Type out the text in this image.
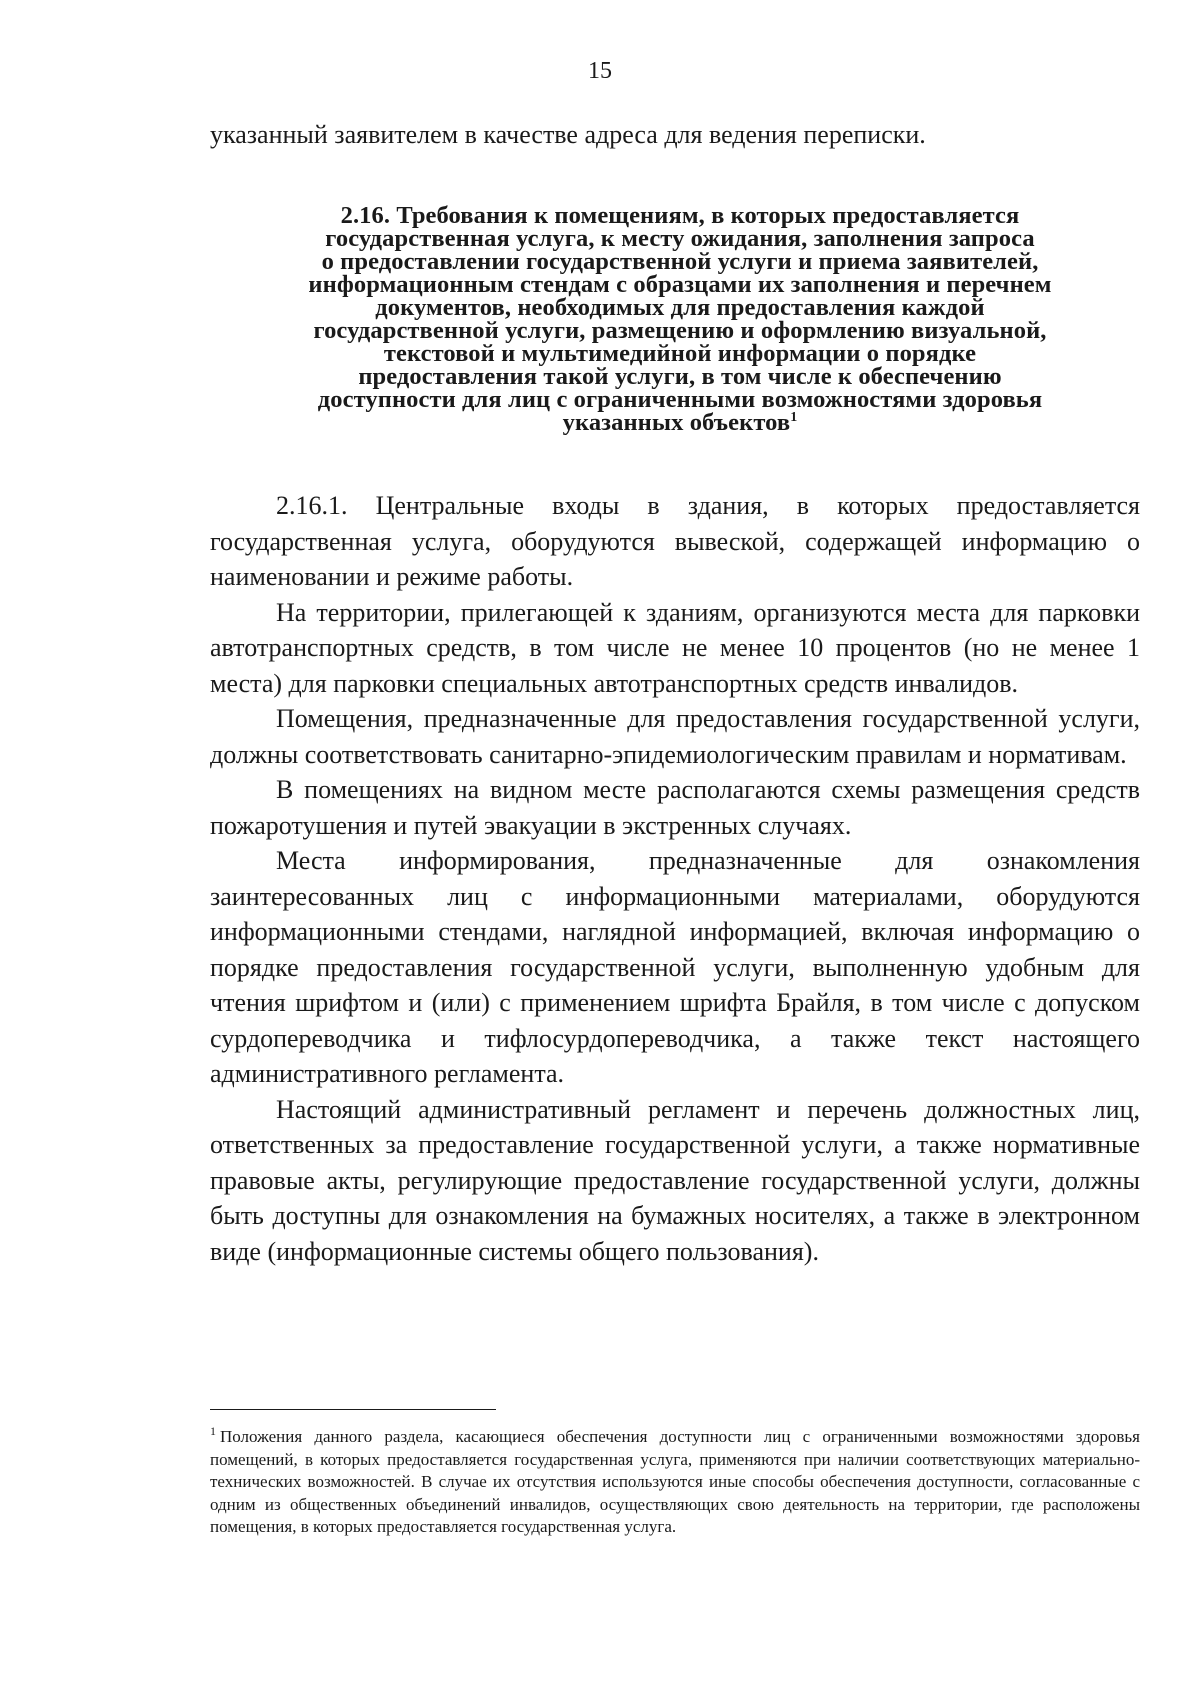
15
указанный заявителем в качестве адреса для ведения переписки.
2.16. Требования к помещениям, в которых предоставляется
государственная услуга, к месту ожидания, заполнения запроса
о предоставлении государственной услуги и приема заявителей,
информационным стендам с образцами их заполнения и перечнем
документов, необходимых для предоставления каждой
государственной услуги, размещению и оформлению визуальной,
текстовой и мультимедийной информации о порядке
предоставления такой услуги, в том числе к обеспечению
доступности для лиц с ограниченными возможностями здоровья
указанных объектов$^1$

2.16.1. Центральные входы в здания, в которых предоставляется государственная услуга, оборудуются вывеской, содержащей информацию о наименовании и режиме работы.

На территории, прилегающей к зданиям, организуются места для парковки автотранспортных средств, в том числе не менее 10 процентов (но не менее 1 места) для парковки специальных автотранспортных средств инвалидов.

Помещения, предназначенные для предоставления государственной услуги, должны соответствовать санитарно-эпидемиологическим правилам и нормативам.

В помещениях на видном месте располагаются схемы размещения средств пожаротушения и путей эвакуации в экстренных случаях.

Места информирования, предназначенные для ознакомления заинтересованных лиц с информационными материалами, оборудуются информационными стендами, наглядной информацией, включая информацию о порядке предоставления государственной услуги, выполненную удобным для чтения шрифтом и (или) с применением шрифта Брайля, в том числе с допуском сурдопереводчика и тифлосурдопереводчика, а также текст настоящего административного регламента.

Настоящий административный регламент и перечень должностных лиц, ответственных за предоставление государственной услуги, а также нормативные правовые акты, регулирующие предоставление государственной услуги, должны быть доступны для ознакомления на бумажных носителях, а также в электронном виде (информационные системы общего пользования).

$^1$ Положения данного раздела, касающиеся обеспечения доступности лиц с ограниченными возможностями здоровья помещений, в которых предоставляется государственная услуга, применяются при наличии соответствующих материально-технических возможностей. В случае их отсутствия используются иные способы обеспечения доступности, согласованные с одним из общественных объединений инвалидов, осуществляющих свою деятельность на территории, где расположены помещения, в которых предоставляется государственная услуга.
